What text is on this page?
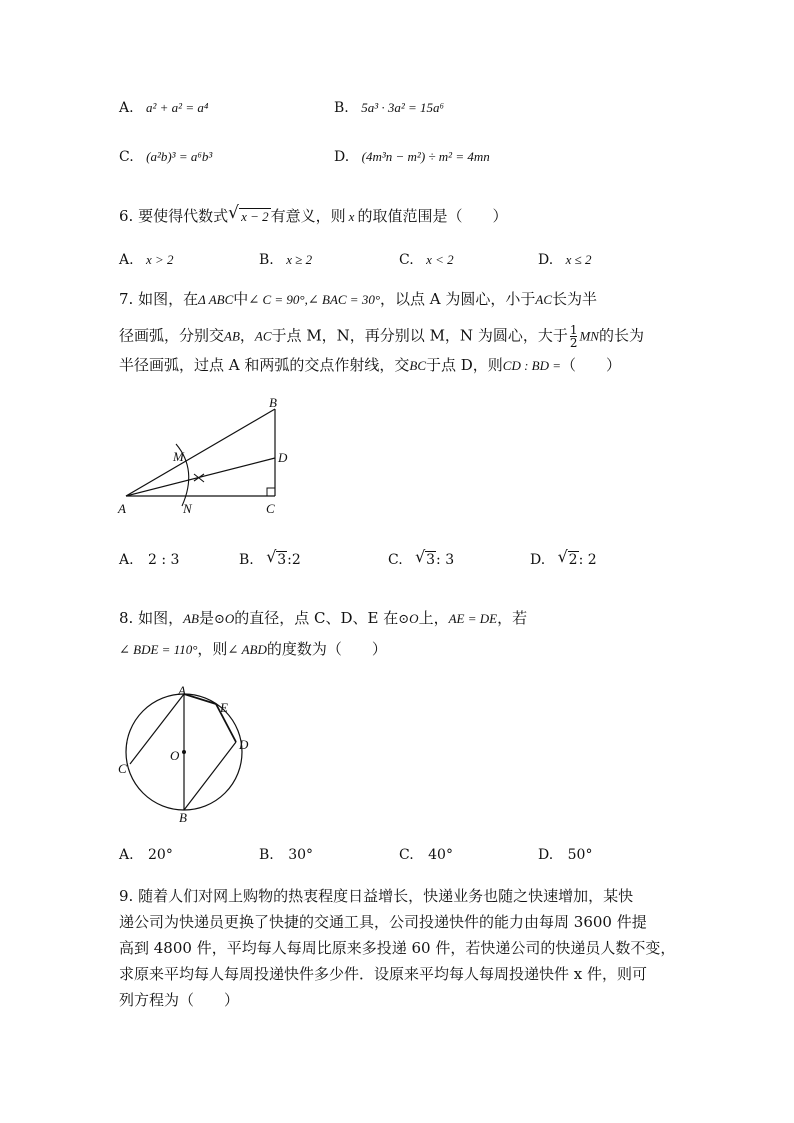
A. a² + a² = a⁴	B. 5a³ · 3a² = 15a⁶
C. (a²b)³ = a⁶b³	D. (4m³n − m²) ÷ m² = 4mn
6. 要使得代数式 √ x − 2 有意义，则 x 的取值范围是（　　）
A. x > 2	B. x ≥ 2	C. x < 2	D. x ≤ 2
7. 如图，在Δ ABC中∠ C = 90°,∠ BAC = 30°，以点 A 为圆心，小于AC长为半
径画弧，分别交AB，AC于点 M，N，再分别以 M，N 为圆心，大于 $\frac{1}{2}$ MN的长为
半径画弧，过点 A 和两弧的交点作射线，交BC于点 D，则CD : BD =（　　）
A
B
C
D
M
N
A. 2 : 3	B. √ 3:2	C. √ 3: 3	D. √ 2: 2
8. 如图，AB是⊙O的直径，点 C、D、E 在⊙O上，AE = DE，若
∠ BDE = 110°，则∠ ABD的度数为（　　）
A
B
C
D
E
O
A. 20°	B. 30°	C. 40°	D. 50°
9. 随着人们对网上购物的热衷程度日益增长，快递业务也随之快速增加，某快
递公司为快递员更换了快捷的交通工具，公司投递快件的能力由每周 3600 件提
高到 4800 件，平均每人每周比原来多投递 60 件，若快递公司的快递员人数不变，
求原来平均每人每周投递快件多少件．设原来平均每人每周投递快件 x 件，则可
列方程为（　　）
